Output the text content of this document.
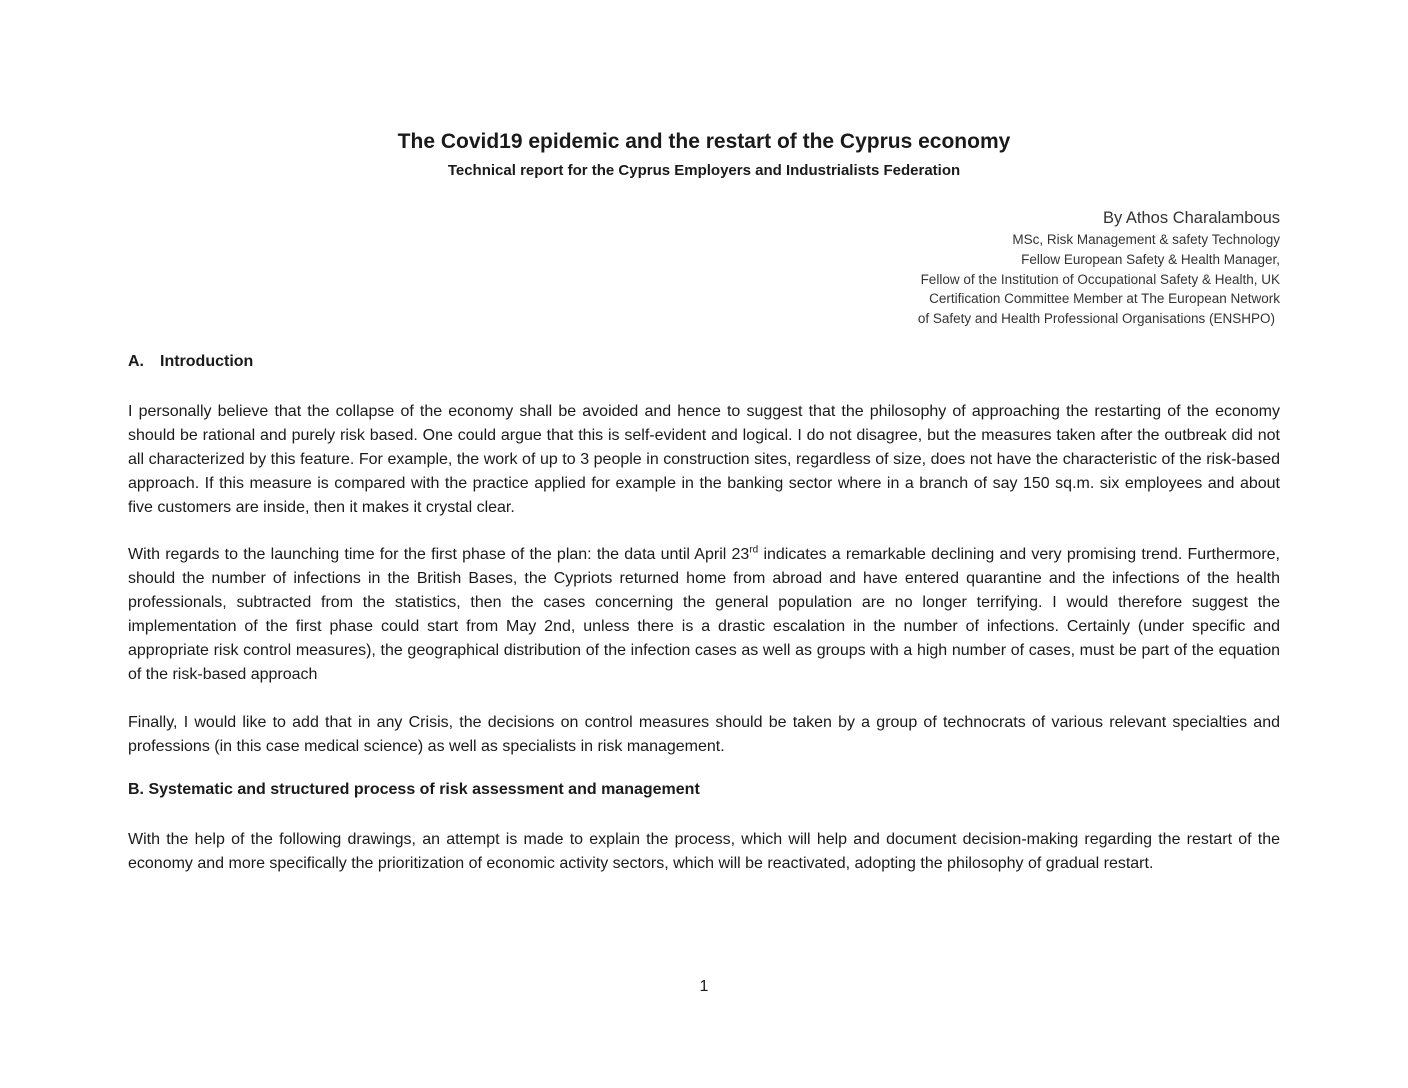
The Covid19 epidemic and the restart of the Cyprus economy
Technical report for the Cyprus Employers and Industrialists Federation
By Athos Charalambous
MSc, Risk Management & safety Technology
Fellow European Safety & Health Manager,
Fellow of the Institution of Occupational Safety & Health, UK
Certification Committee Member at The European Network
of Safety and Health Professional Organisations (ENSHPO)
A. Introduction

I personally believe that the collapse of the economy shall be avoided and hence to suggest that the philosophy of approaching the restarting of the economy should be rational and purely risk based. One could argue that this is self-evident and logical. I do not disagree, but the measures taken after the outbreak did not all characterized by this feature. For example, the work of up to 3 people in construction sites, regardless of size, does not have the characteristic of the risk-based approach. If this measure is compared with the practice applied for example in the banking sector where in a branch of say 150 sq.m. six employees and about five customers are inside, then it makes it crystal clear.

With regards to the launching time for the first phase of the plan: the data until April 23rd indicates a remarkable declining and very promising trend. Furthermore, should the number of infections in the British Bases, the Cypriots returned home from abroad and have entered quarantine and the infections of the health professionals, subtracted from the statistics, then the cases concerning the general population are no longer terrifying. I would therefore suggest the implementation of the first phase could start from May 2nd, unless there is a drastic escalation in the number of infections. Certainly (under specific and appropriate risk control measures), the geographical distribution of the infection cases as well as groups with a high number of cases, must be part of the equation of the risk-based approach

Finally, I would like to add that in any Crisis, the decisions on control measures should be taken by a group of technocrats of various relevant specialties and professions (in this case medical science) as well as specialists in risk management.

B. Systematic and structured process of risk assessment and management

With the help of the following drawings, an attempt is made to explain the process, which will help and document decision-making regarding the restart of the economy and more specifically the prioritization of economic activity sectors, which will be reactivated, adopting the philosophy of gradual restart.

1
